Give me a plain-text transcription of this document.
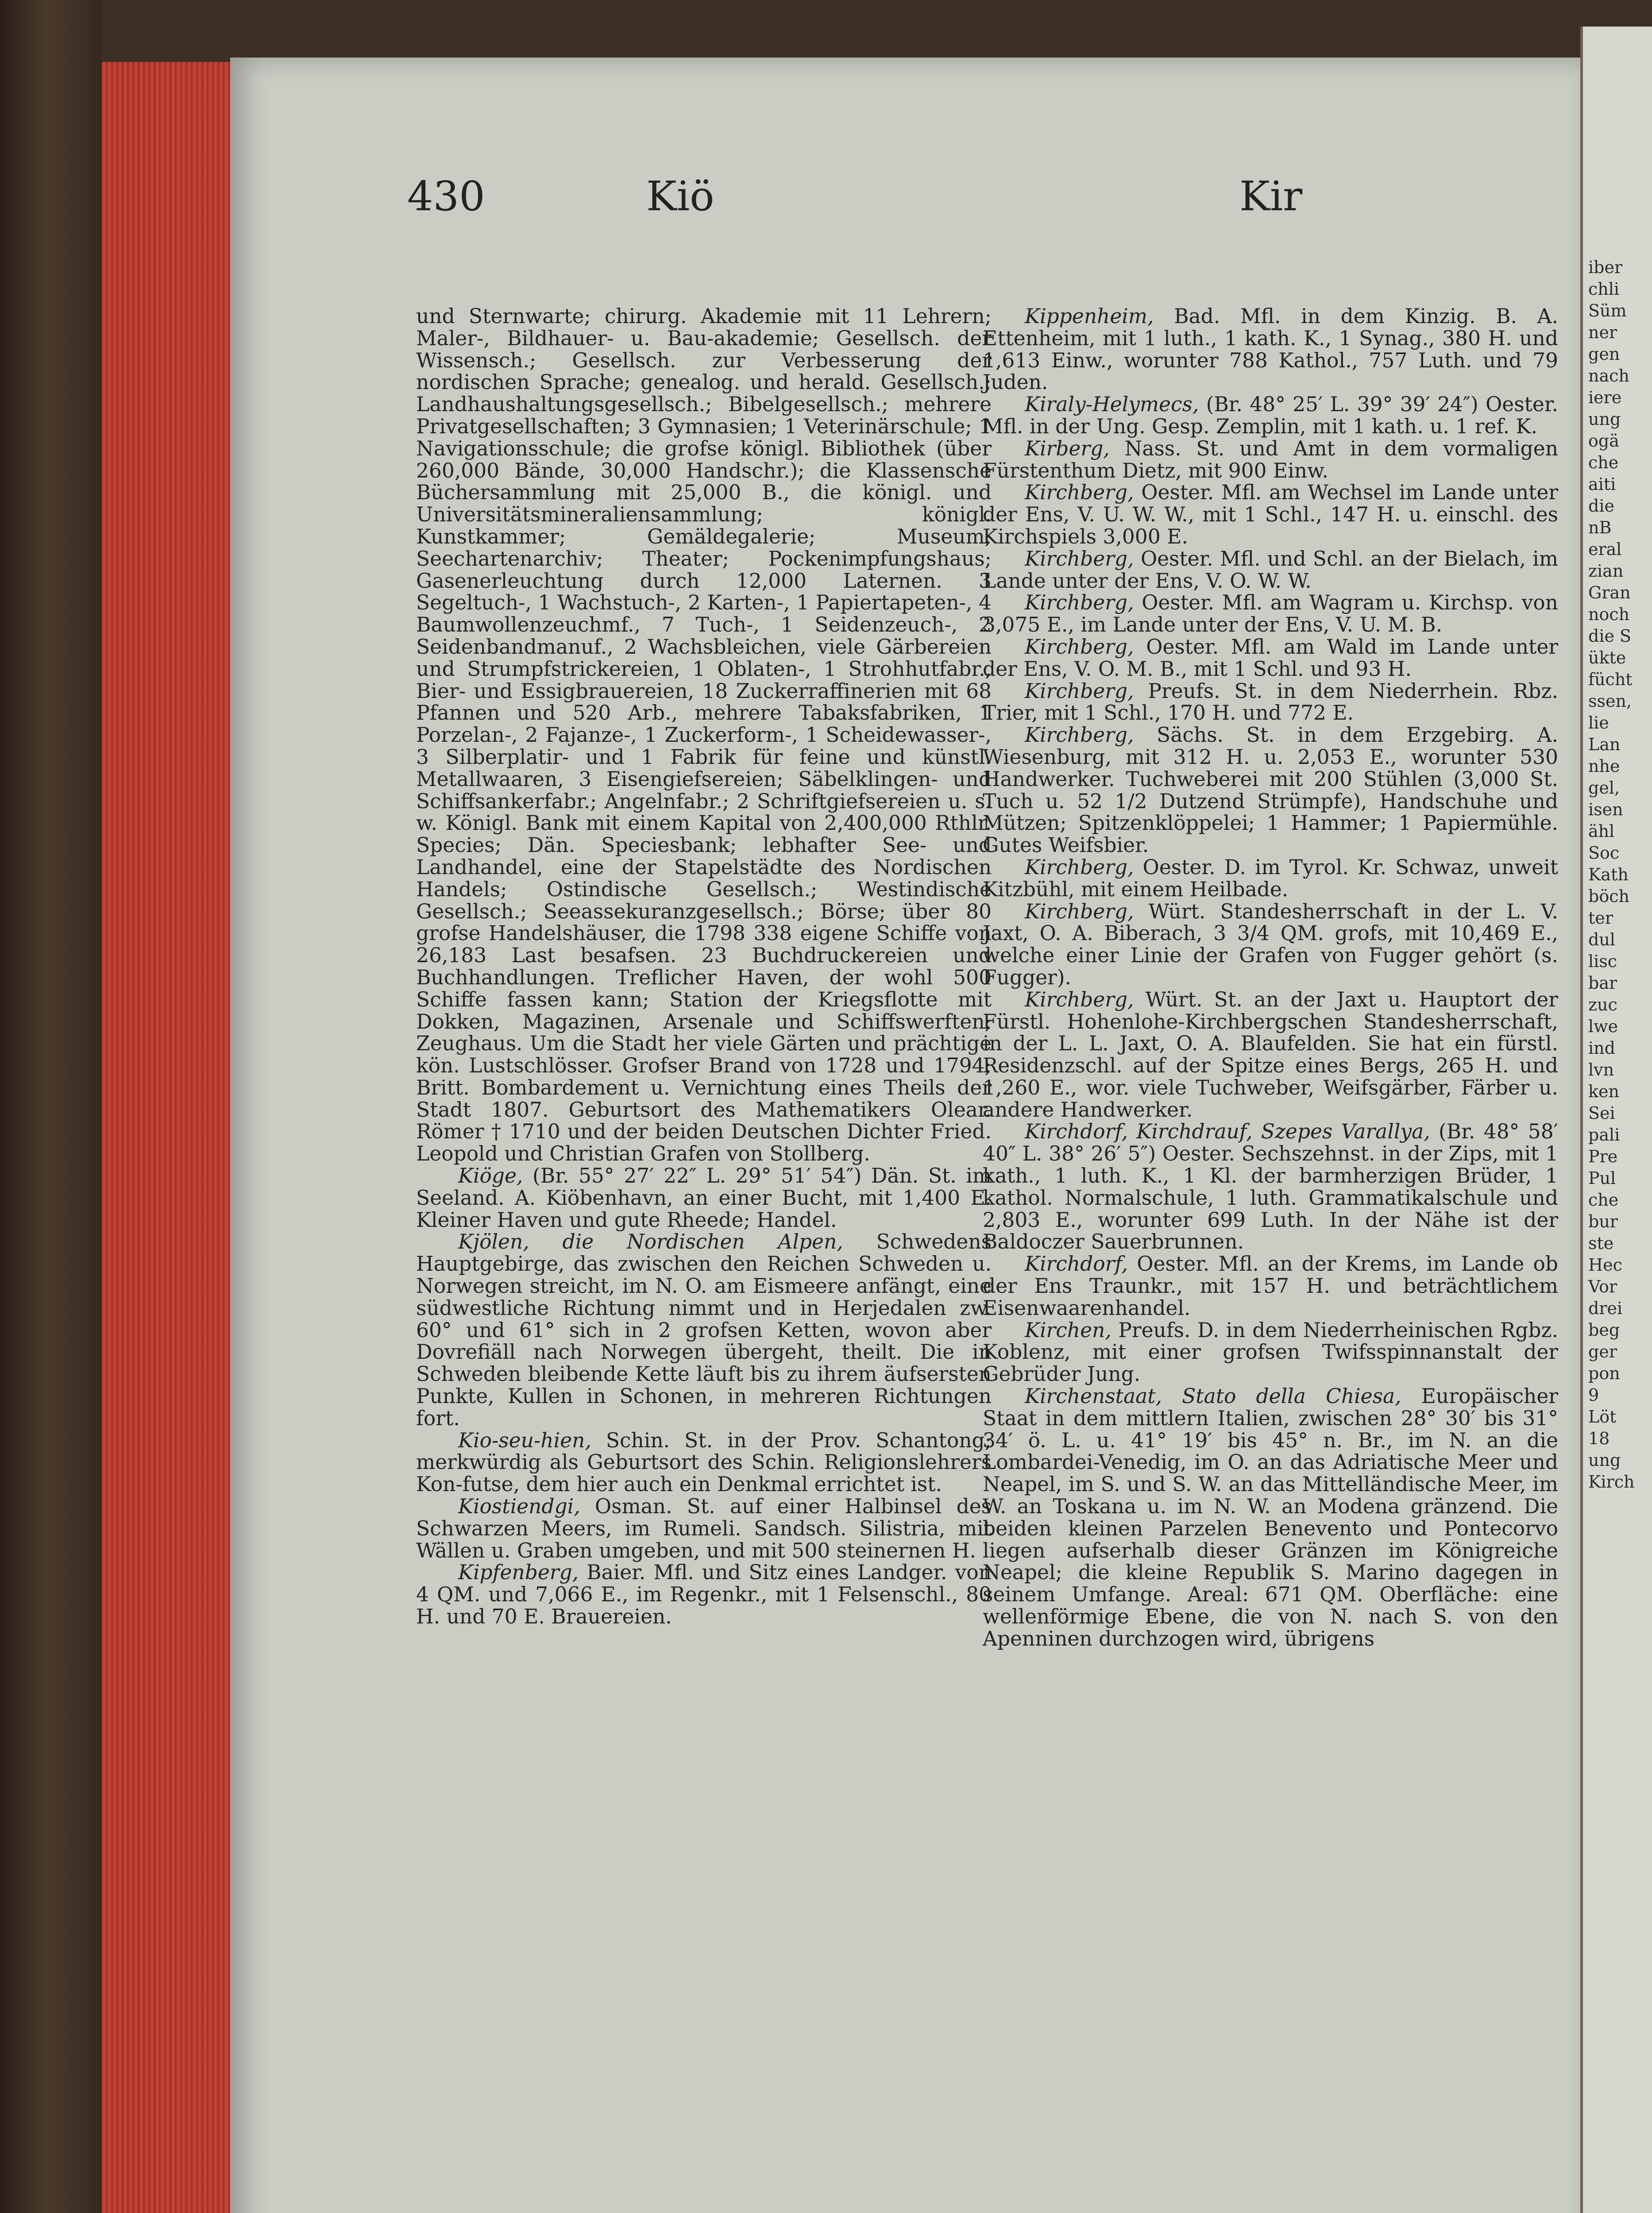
430	Kiö	Kir

und Sternwarte; chirurg. Akademie mit 11 Lehrern; Maler-, Bildhauer- u. Bau-akademie; Gesellsch. der Wissensch.; Gesellsch. zur Verbesserung der nordischen Sprache; genealog. und herald. Gesellsch.; Landhaushaltungsgesellsch.; Bibelgesellsch.; mehrere Privatgesellschaften; 3 Gymnasien; 1 Veterinärschule; 1 Navigationsschule; die grofse königl. Bibliothek (über 260,000 Bände, 30,000 Handschr.); die Klassensche Büchersammlung mit 25,000 B., die königl. und Universitätsmineraliensammlung; königl. Kunstkammer; Gemäldegalerie; Museum; Seechartenarchiv; Theater; Pockenimpfungshaus; Gasenerleuchtung durch 12,000 Laternen. 3 Segeltuch-, 1 Wachstuch-, 2 Karten-, 1 Papiertapeten-, 4 Baumwollenzeuchmf., 7 Tuch-, 1 Seidenzeuch-, 2 Seidenbandmanuf., 2 Wachsbleichen, viele Gärbereien und Strumpfstrickereien, 1 Oblaten-, 1 Strohhutfabr., Bier- und Essigbrauereien, 18 Zuckerraffinerien mit 68 Pfannen und 520 Arb., mehrere Tabaksfabriken, 1 Porzelan-, 2 Fajanze-, 1 Zuckerform-, 1 Scheidewasser-, 3 Silberplatir- und 1 Fabrik für feine und künstl. Metallwaaren, 3 Eisengiefsereien; Säbelklingen- und Schiffsankerfabr.; Angelnfabr.; 2 Schriftgiefsereien u. s. w. Königl. Bank mit einem Kapital von 2,400,000 Rthlr. Species; Dän. Speciesbank; lebhafter See- und Landhandel, eine der Stapelstädte des Nordischen Handels; Ostindische Gesellsch.; Westindische Gesellsch.; Seeassekuranzgesellsch.; Börse; über 80 grofse Handelshäuser, die 1798 338 eigene Schiffe von 26,183 Last besafsen. 23 Buchdruckereien und Buchhandlungen. Treflicher Haven, der wohl 500 Schiffe fassen kann; Station der Kriegsflotte mit Dokken, Magazinen, Arsenale und Schiffswerften; Zeughaus. Um die Stadt her viele Gärten und prächtige kön. Lustschlösser. Grofser Brand von 1728 und 1794; Britt. Bombardement u. Vernichtung eines Theils der Stadt 1807. Geburtsort des Mathematikers Olear. Römer † 1710 und der beiden Deutschen Dichter Fried. Leopold und Christian Grafen von Stollberg.

Kiöge, (Br. 55° 27′ 22″ L. 29° 51′ 54″) Dän. St. im Seeland. A. Kiöbenhavn, an einer Bucht, mit 1,400 E. Kleiner Haven und gute Rheede; Handel.

Kjölen, die Nordischen Alpen, Schwedens Hauptgebirge, das zwischen den Reichen Schweden u. Norwegen streicht, im N. O. am Eismeere anfängt, eine südwestliche Richtung nimmt und in Herjedalen zw. 60° und 61° sich in 2 grofsen Ketten, wovon aber Dovrefiäll nach Norwegen übergeht, theilt. Die in Schweden bleibende Kette läuft bis zu ihrem äufsersten Punkte, Kullen in Schonen, in mehreren Richtungen fort.

Kio-seu-hien, Schin. St. in der Prov. Schantong; merkwürdig als Geburtsort des Schin. Religionslehrers Kon-futse, dem hier auch ein Denkmal errichtet ist.

Kiostiendgi, Osman. St. auf einer Halbinsel des Schwarzen Meers, im Rumeli. Sandsch. Silistria, mit Wällen u. Graben umgeben, und mit 500 steinernen H.

Kipfenberg, Baier. Mfl. und Sitz eines Landger. von 4 QM. und 7,066 E., im Regenkr., mit 1 Felsenschl., 80 H. und 70 E. Brauereien.

Kippenheim, Bad. Mfl. in dem Kinzig. B. A. Ettenheim, mit 1 luth., 1 kath. K., 1 Synag., 380 H. und 1,613 Einw., worunter 788 Kathol., 757 Luth. und 79 Juden.

Kiraly-Helymecs, (Br. 48° 25′ L. 39° 39′ 24″) Oester. Mfl. in der Ung. Gesp. Zemplin, mit 1 kath. u. 1 ref. K.

Kirberg, Nass. St. und Amt in dem vormaligen Fürstenthum Dietz, mit 900 Einw.

Kirchberg, Oester. Mfl. am Wechsel im Lande unter der Ens, V. U. W. W., mit 1 Schl., 147 H. u. einschl. des Kirchspiels 3,000 E.

Kirchberg, Oester. Mfl. und Schl. an der Bielach, im Lande unter der Ens, V. O. W. W.

Kirchberg, Oester. Mfl. am Wagram u. Kirchsp. von 3,075 E., im Lande unter der Ens, V. U. M. B.

Kirchberg, Oester. Mfl. am Wald im Lande unter der Ens, V. O. M. B., mit 1 Schl. und 93 H.

Kirchberg, Preufs. St. in dem Niederrhein. Rbz. Trier, mit 1 Schl., 170 H. und 772 E.

Kirchberg, Sächs. St. in dem Erzgebirg. A. Wiesenburg, mit 312 H. u. 2,053 E., worunter 530 Handwerker. Tuchweberei mit 200 Stühlen (3,000 St. Tuch u. 52 1/2 Dutzend Strümpfe), Handschuhe und Mützen; Spitzenklöppelei; 1 Hammer; 1 Papiermühle. Gutes Weifsbier.

Kirchberg, Oester. D. im Tyrol. Kr. Schwaz, unweit Kitzbühl, mit einem Heilbade.

Kirchberg, Würt. Standesherrschaft in der L. V. Jaxt, O. A. Biberach, 3 3/4 QM. grofs, mit 10,469 E., welche einer Linie der Grafen von Fugger gehört (s. Fugger).

Kirchberg, Würt. St. an der Jaxt u. Hauptort der Fürstl. Hohenlohe-Kirchbergschen Standesherrschaft, in der L. L. Jaxt, O. A. Blaufelden. Sie hat ein fürstl. Residenzschl. auf der Spitze eines Bergs, 265 H. und 1,260 E., wor. viele Tuchweber, Weifsgärber, Färber u. andere Handwerker.

Kirchdorf, Kirchdrauf, Szepes Varallya, (Br. 48° 58′ 40″ L. 38° 26′ 5″) Oester. Sechszehnst. in der Zips, mit 1 kath., 1 luth. K., 1 Kl. der barmherzigen Brüder, 1 kathol. Normalschule, 1 luth. Grammatikalschule und 2,803 E., worunter 699 Luth. In der Nähe ist der Baldoczer Sauerbrunnen.

Kirchdorf, Oester. Mfl. an der Krems, im Lande ob der Ens Traunkr., mit 157 H. und beträchtlichem Eisenwaarenhandel.

Kirchen, Preufs. D. in dem Niederrheinischen Rgbz. Koblenz, mit einer grofsen Twifsspinnanstalt der Gebrüder Jung.

Kirchenstaat, Stato della Chiesa, Europäischer Staat in dem mittlern Italien, zwischen 28° 30′ bis 31° 34′ ö. L. u. 41° 19′ bis 45° n. Br., im N. an die Lombardei-Venedig, im O. an das Adriatische Meer und Neapel, im S. und S. W. an das Mittelländische Meer, im W. an Toskana u. im N. W. an Modena gränzend. Die beiden kleinen Parzelen Benevento und Pontecorvo liegen aufserhalb dieser Gränzen im Königreiche Neapel; die kleine Republik S. Marino dagegen in seinem Umfange. Areal: 671 QM. Oberfläche: eine wellenförmige Ebene, die von N. nach S. von den Apenninen durchzogen wird, übrigens

iber
chli
Süm
ner
gen
nach
iere
ung
ogä
che
aiti
die
nB
eral
zian
Gran
noch
die S
ükte
fücht
ssen,
lie
Lan
nhe
gel,
isen
ähl
Soc
Kath
böch
ter
dul
lisc
bar
zuc
lwe
ind
lvn
ken
Sei
pali
Pre
Pul
che
bur
ste
Hec
Vor
drei
beg
ger
pon
9
Löt
18
ung
Kirch
